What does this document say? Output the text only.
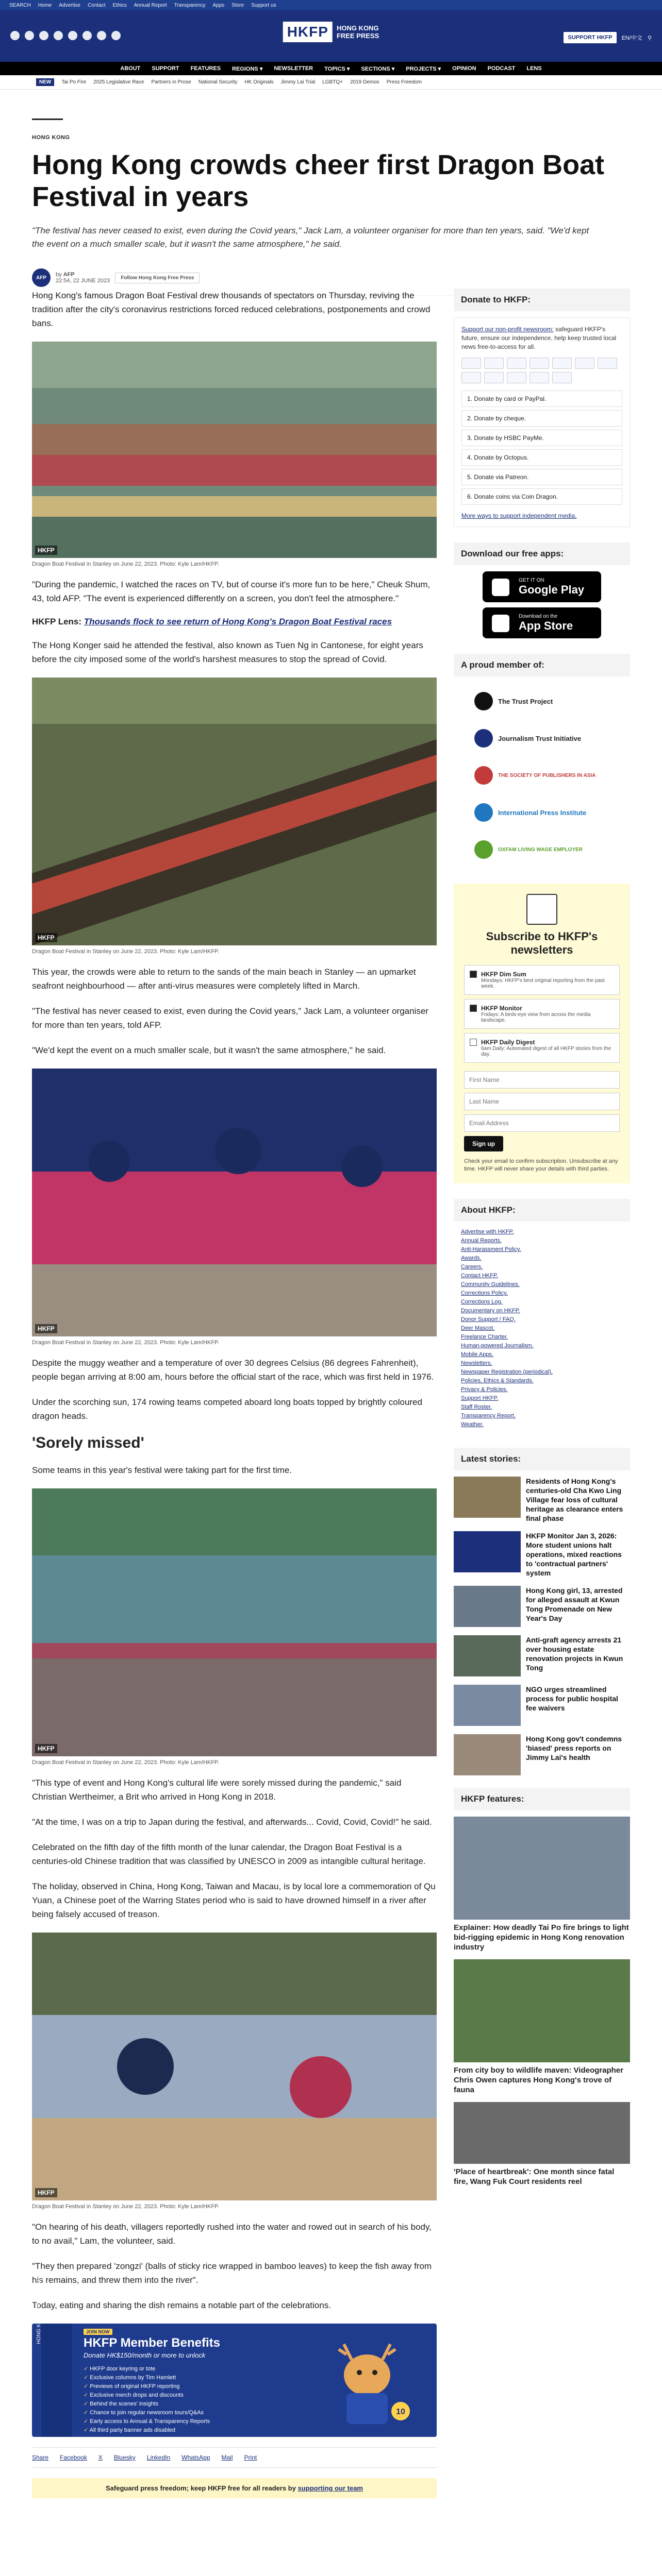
SEARCH Home Advertise Contact Ethics Annual Report Transparency Apps Store Support us
HKFP	HONG KONG
FREE PRESS	SUPPORT HKFP	EN/中文 ⚲
ABOUT SUPPORT FEATURES REGIONS ▾ NEWSLETTER TOPICS ▾ SECTIONS ▾ PROJECTS ▾ OPINION PODCAST LENS
NEW	Tai Po Fire 2025 Legislative Race Partners in Prose National Security HK Originals Jimmy Lai Trial LGBTQ+ 2019 Demos Press Freedom
HONG KONG
Hong Kong crowds cheer first Dragon Boat Festival in years
"The festival has never ceased to exist, even during the Covid years," Jack Lam, a volunteer organiser for more than ten years, said. "We'd kept the event on a much smaller scale, but it wasn't the same atmosphere," he said.
AFP	by AFP
22:54, 22 JUNE 2023	Follow Hong Kong Free Press

Hong Kong's famous Dragon Boat Festival drew thousands of spectators on Thursday, reviving the tradition after the city's coronavirus restrictions forced reduced celebrations, postponements and crowd bans.

HKFP
Dragon Boat Festival in Stanley on June 22, 2023. Photo: Kyle Lam/HKFP.

"During the pandemic, I watched the races on TV, but of course it's more fun to be here," Cheuk Shum, 43, told AFP. "The event is experienced differently on a screen, you don't feel the atmosphere."

HKFP Lens: Thousands flock to see return of Hong Kong's Dragon Boat Festival races

The Hong Konger said he attended the festival, also known as Tuen Ng in Cantonese, for eight years before the city imposed some of the world's harshest measures to stop the spread of Covid.

HKFP
Dragon Boat Festival in Stanley on June 22, 2023. Photo: Kyle Lam/HKFP.

This year, the crowds were able to return to the sands of the main beach in Stanley — an upmarket seafront neighbourhood — after anti-virus measures were completely lifted in March.

"The festival has never ceased to exist, even during the Covid years," Jack Lam, a volunteer organiser for more than ten years, told AFP.

"We'd kept the event on a much smaller scale, but it wasn't the same atmosphere," he said.

HKFP
Dragon Boat Festival in Stanley on June 22, 2023. Photo: Kyle Lam/HKFP.

Despite the muggy weather and a temperature of over 30 degrees Celsius (86 degrees Fahrenheit), people began arriving at 8:00 am, hours before the official start of the race, which was first held in 1976.

Under the scorching sun, 174 rowing teams competed aboard long boats topped by brightly coloured dragon heads.

'Sorely missed'

Some teams in this year's festival were taking part for the first time.

HKFP
Dragon Boat Festival in Stanley on June 22, 2023. Photo: Kyle Lam/HKFP.

"This type of event and Hong Kong's cultural life were sorely missed during the pandemic," said Christian Wertheimer, a Brit who arrived in Hong Kong in 2018.

"At the time, I was on a trip to Japan during the festival, and afterwards... Covid, Covid, Covid!" he said.

Celebrated on the fifth day of the fifth month of the lunar calendar, the Dragon Boat Festival is a centuries-old Chinese tradition that was classified by UNESCO in 2009 as intangible cultural heritage.

The holiday, observed in China, Hong Kong, Taiwan and Macau, is by local lore a commemoration of Qu Yuan, a Chinese poet of the Warring States period who is said to have drowned himself in a river after being falsely accused of treason.

HKFP
Dragon Boat Festival in Stanley on June 22, 2023. Photo: Kyle Lam/HKFP.

"On hearing of his death, villagers reportedly rushed into the water and rowed out in search of his body, to no avail," Lam, the volunteer, said.

"They then prepared 'zongzi' (balls of sticky rice wrapped in bamboo leaves) to keep the fish away from his remains, and threw them into the river".

Today, eating and sharing the dish remains a notable part of the celebrations.

HONG KONG FREE PRESS	JOIN NOW
HKFP Member Benefits
Donate HK$150/month or more to unlock
✓ HKFP door keyring or tote
✓ Exclusive columns by Tim Hamlett
✓ Previews of original HKFP reporting
✓ Exclusive merch drops and discounts
✓ Behind the scenes' insights
✓ Chance to join regular newsroom tours/Q&As
✓ Early access to Annual & Transparency Reports
✓ All third party banner ads disabled
10
Share Facebook X Bluesky LinkedIn WhatsApp Mail Print
Safeguard press freedom; keep HKFP free for all readers by supporting our team
Donate to HKFP:
Support our non-profit newsroom: safeguard HKFP's future, ensure our independence, help keep trusted local news free-to-access for all.
1. Donate by card or PayPal.
2. Donate by cheque.
3. Donate by HSBC PayMe.
4. Donate by Octopus.
5. Donate via Patreon.
6. Donate coins via Coin Dragon.
More ways to support independent media.
Download our free apps:
GET IT ON
Google Play
Download on the
App Store
A proud member of:
The Trust Project
Journalism Trust Initiative
THE SOCIETY OF PUBLISHERS IN ASIA
International Press Institute
OXFAM LIVING WAGE EMPLOYER
Subscribe to HKFP's newsletters
HKFP Dim Sum
Mondays: HKFP's best original reporting from the past week.
HKFP Monitor
Fridays: A birds-eye view from across the media landscape.
HKFP Daily Digest
6am Daily: Automated digest of all HKFP stories from the day.
First Name Last Name Email Address Sign up
Check your email to confirm subscription. Unsubscribe at any time. HKFP will never share your details with third parties.
About HKFP:
Advertise with HKFP.
Annual Reports.
Anti-Harassment Policy.
Awards.
Careers.
Contact HKFP.
Community Guidelines.
Corrections Policy.
Corrections Log.
Documentary on HKFP.
Donor Support / FAQ.
Deer Mascot.
Freelance Charter.
Human-powered Journalism.
Mobile Apps.
Newsletters.
Newspaper Registration (periodical).
Policies, Ethics & Standards.
Privacy & Policies.
Support HKFP.
Staff Roster.
Transparency Report.
Weather.
Latest stories:
Residents of Hong Kong's centuries-old Cha Kwo Ling Village fear loss of cultural heritage as clearance enters final phase
HKFP Monitor Jan 3, 2026: More student unions halt operations, mixed reactions to 'contractual partners' system
Hong Kong girl, 13, arrested for alleged assault at Kwun Tong Promenade on New Year's Day
Anti-graft agency arrests 21 over housing estate renovation projects in Kwun Tong
NGO urges streamlined process for public hospital fee waivers
Hong Kong gov't condemns 'biased' press reports on Jimmy Lai's health
HKFP features:
Explainer: How deadly Tai Po fire brings to light bid-rigging epidemic in Hong Kong renovation industry
From city boy to wildlife maven: Videographer Chris Owen captures Hong Kong's trove of fauna
'Place of heartbreak': One month since fatal fire, Wang Fuk Court residents reel
